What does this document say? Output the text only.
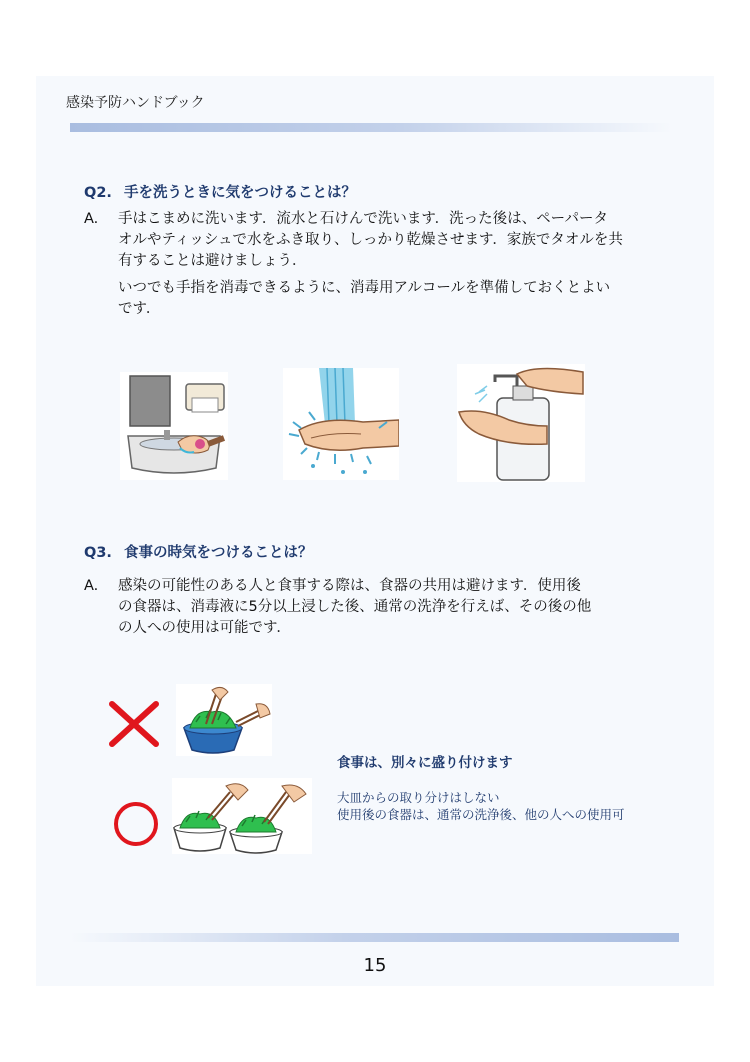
感染予防ハンドブック
Q2. 手を洗うときに気をつけることは？
A. 手はこまめに洗います．流水と石けんで洗います．洗った後は、ペーパータ
オルやティッシュで水をふき取り、しっかり乾燥させます．家族でタオルを共
有することは避けましょう．
いつでも手指を消毒できるように、消毒用アルコールを準備しておくとよい
です．
Q3. 食事の時気をつけることは？
A. 感染の可能性のある人と食事する際は、食器の共用は避けます．使用後
の食器は、消毒液に5分以上浸した後、通常の洗浄を行えば、その後の他
の人への使用は可能です．
食事は、別々に盛り付けます
大皿からの取り分けはしない
使用後の食器は、通常の洗浄後、他の人への使用可
15
